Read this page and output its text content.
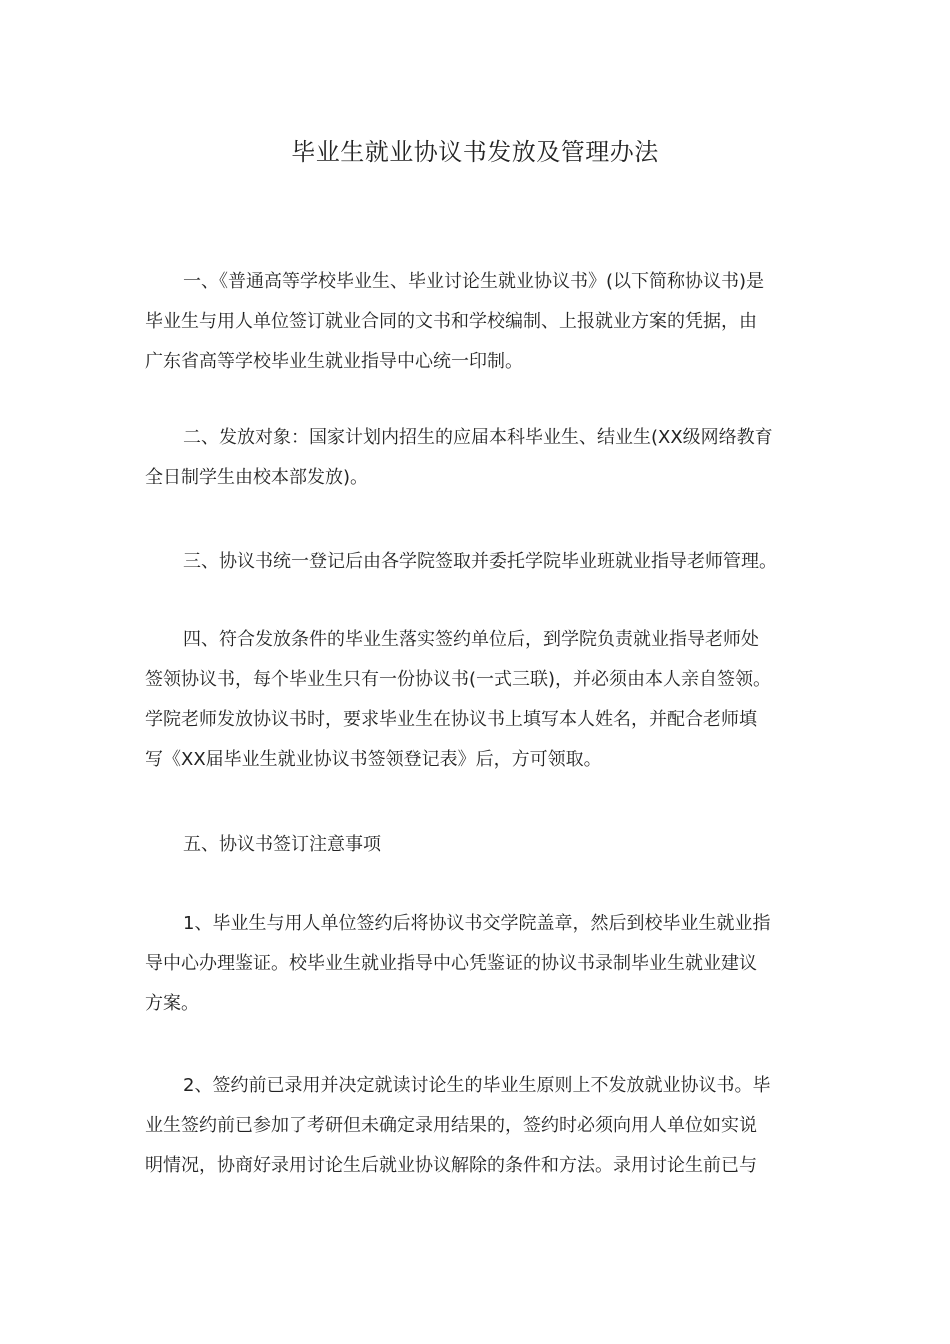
毕业生就业协议书发放及管理办法
一、《普通高等学校毕业生、毕业讨论生就业协议书》(以下简称协议书)是
毕业生与用人单位签订就业合同的文书和学校编制、上报就业方案的凭据，由
广东省高等学校毕业生就业指导中心统一印制。
二、发放对象：国家计划内招生的应届本科毕业生、结业生(XX级网络教育
全日制学生由校本部发放)。
三、协议书统一登记后由各学院签取并委托学院毕业班就业指导老师管理。
四、符合发放条件的毕业生落实签约单位后，到学院负责就业指导老师处
签领协议书，每个毕业生只有一份协议书(一式三联)，并必须由本人亲自签领。
学院老师发放协议书时，要求毕业生在协议书上填写本人姓名，并配合老师填
写《XX届毕业生就业协议书签领登记表》后，方可领取。
五、协议书签订注意事项
1、毕业生与用人单位签约后将协议书交学院盖章，然后到校毕业生就业指
导中心办理鉴证。校毕业生就业指导中心凭鉴证的协议书录制毕业生就业建议
方案。
2、签约前已录用并决定就读讨论生的毕业生原则上不发放就业协议书。毕
业生签约前已参加了考研但未确定录用结果的，签约时必须向用人单位如实说
明情况，协商好录用讨论生后就业协议解除的条件和方法。录用讨论生前已与
